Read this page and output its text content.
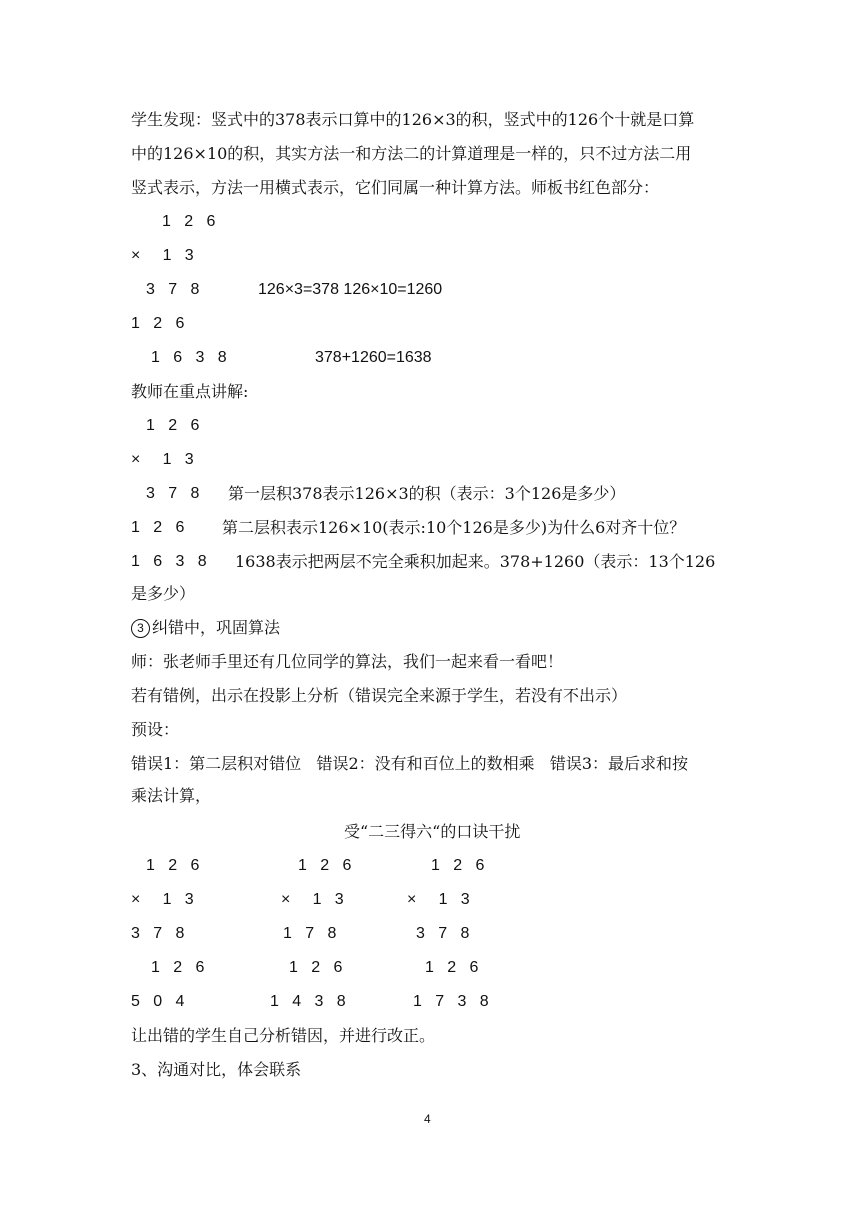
学生发现：竖式中的378表示口算中的126×3的积，竖式中的126个十就是口算
中的126×10的积，其实方法一和方法二的计算道理是一样的，只不过方法二用
竖式表示，方法一用横式表示，它们同属一种计算方法。师板书红色部分：
1   2   6
×     1   3
3   7   8	126×3=378 126×10=1260
1   2   6
1   6   3   8	378+1260=1638
教师在重点讲解:
1   2   6
×     1   3
3   7   8 第一层积378表示126×3的积（表示：3个126是多少）
1   2   6 第二层积表示126×10(表示:10个126是多少)为什么6对齐十位？
1   6   3   8 1638表示把两层不完全乘积加起来。378+1260（表示：13个126
是多少）
3 纠错中，巩固算法
师：张老师手里还有几位同学的算法，我们一起来看一看吧！
若有错例，出示在投影上分析（错误完全来源于学生，若没有不出示）
预设：
错误1：第二层积对错位   错误2：没有和百位上的数相乘   错误3：最后求和按
乘法计算，
受“二三得六“的口诀干扰
1   2   6
×     1   3
3   7   8
1   2   6
5   0   4
1   2   6
×     1   3
1   7   8
1   2   6
1   4   3   8
1   2   6
×     1   3
3   7   8
1   2   6
1   7   3   8
让出错的学生自己分析错因，并进行改正。
3、沟通对比，体会联系
4
